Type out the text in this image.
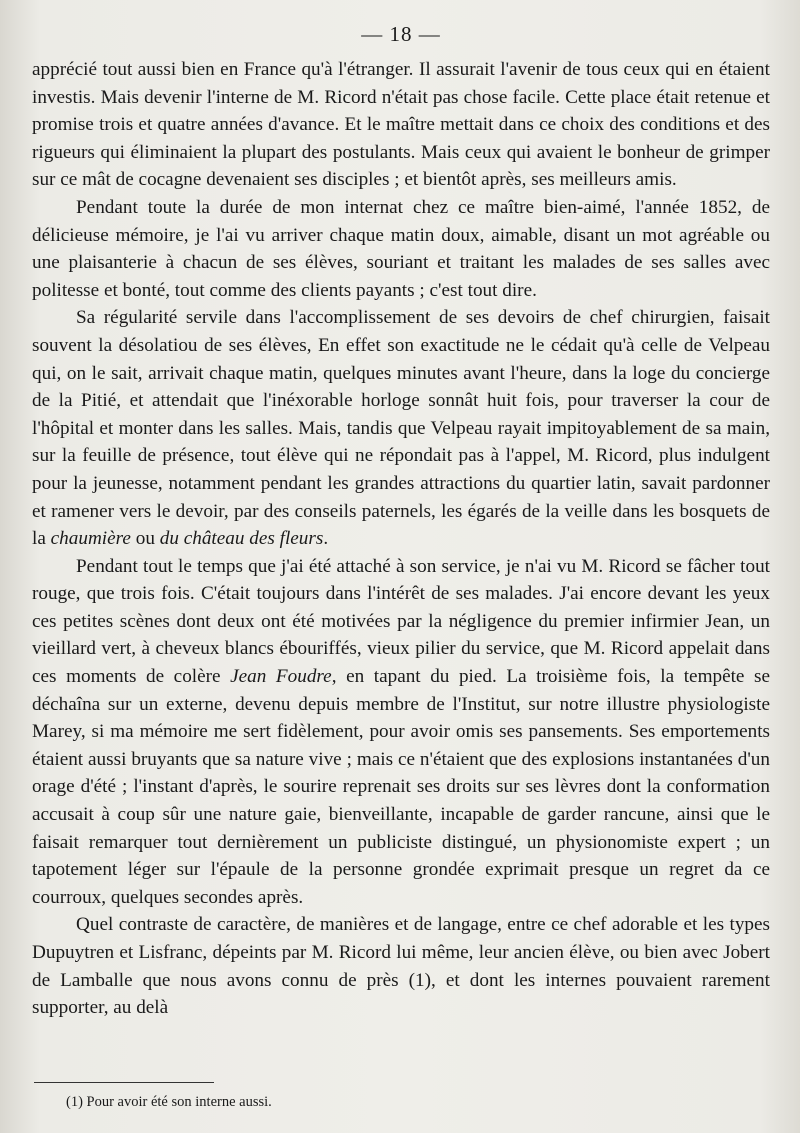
— 18 —

apprécié tout aussi bien en France qu'à l'étranger. Il assurait l'avenir de tous ceux qui en étaient investis. Mais devenir l'interne de M. Ricord n'était pas chose facile. Cette place était retenue et promise trois et quatre années d'avance. Et le maître mettait dans ce choix des conditions et des rigueurs qui éliminaient la plupart des postulants. Mais ceux qui avaient le bonheur de grimper sur ce mât de cocagne devenaient ses disciples ; et bientôt après, ses meilleurs amis.

Pendant toute la durée de mon internat chez ce maître bien-aimé, l'année 1852, de délicieuse mémoire, je l'ai vu arriver chaque matin doux, aimable, disant un mot agréable ou une plaisanterie à chacun de ses élèves, souriant et traitant les malades de ses salles avec politesse et bonté, tout comme des clients payants ; c'est tout dire.

Sa régularité servile dans l'accomplissement de ses devoirs de chef chirurgien, faisait souvent la désolatiou de ses élèves, En effet son exactitude ne le cédait qu'à celle de Velpeau qui, on le sait, arrivait chaque matin, quelques minutes avant l'heure, dans la loge du concierge de la Pitié, et attendait que l'inéxorable horloge sonnât huit fois, pour traverser la cour de l'hôpital et monter dans les salles. Mais, tandis que Velpeau rayait impitoyablement de sa main, sur la feuille de présence, tout élève qui ne répondait pas à l'appel, M. Ricord, plus indulgent pour la jeunesse, notamment pendant les grandes attractions du quartier latin, savait pardonner et ramener vers le devoir, par des conseils paternels, les égarés de la veille dans les bosquets de la chaumière ou du château des fleurs.

Pendant tout le temps que j'ai été attaché à son service, je n'ai vu M. Ricord se fâcher tout rouge, que trois fois. C'était toujours dans l'intérêt de ses malades. J'ai encore devant les yeux ces petites scènes dont deux ont été motivées par la négligence du premier infirmier Jean, un vieillard vert, à cheveux blancs ébouriffés, vieux pilier du service, que M. Ricord appelait dans ces moments de colère Jean Foudre, en tapant du pied. La troisième fois, la tempête se déchaîna sur un externe, devenu depuis membre de l'Institut, sur notre illustre physiologiste Marey, si ma mémoire me sert fidèlement, pour avoir omis ses pansements. Ses emportements étaient aussi bruyants que sa nature vive ; mais ce n'étaient que des explosions instantanées d'un orage d'été ; l'instant d'après, le sourire reprenait ses droits sur ses lèvres dont la conformation accusait à coup sûr une nature gaie, bienveillante, incapable de garder rancune, ainsi que le faisait remarquer tout dernièrement un publiciste distingué, un physionomiste expert ; un tapotement léger sur l'épaule de la personne grondée exprimait presque un regret da ce courroux, quelques secondes après.

Quel contraste de caractère, de manières et de langage, entre ce chef adorable et les types Dupuytren et Lisfranc, dépeints par M. Ricord lui même, leur ancien élève, ou bien avec Jobert de Lamballe que nous avons connu de près (1), et dont les internes pouvaient rarement supporter, au delà

(1) Pour avoir été son interne aussi.
